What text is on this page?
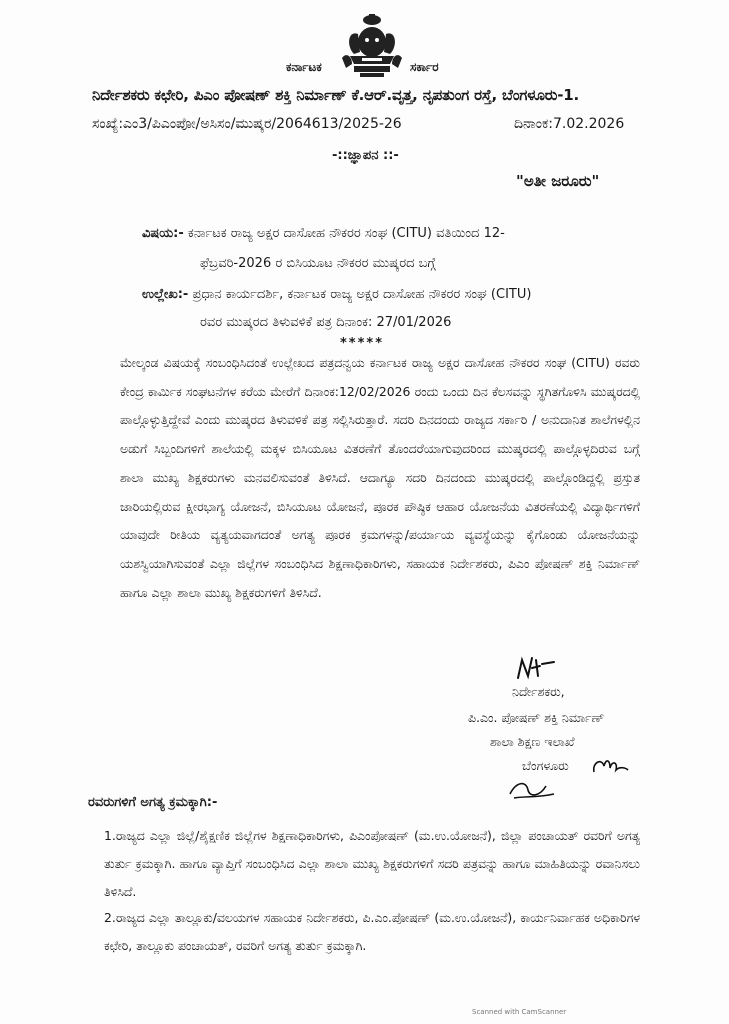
ಕರ್ನಾಟಕ	ಸರ್ಕಾರ
ನಿರ್ದೇಶಕರು ಕಛೇರಿ, ಪಿಎಂ ಪೋಷಣ್ ಶಕ್ತಿ ನಿರ್ಮಾಣ್ ಕೆ.ಆರ್.ವೃತ್ತ, ನೃಪತುಂಗ ರಸ್ತೆ, ಬೆಂಗಳೂರು-1.
ಸಂಖ್ಯೆ:ಎಂ3/ಪಿಎಂಪೋ/ಅಸಿಸಂ/ಮುಷ್ಕರ/2064613/2025-26	ದಿನಾಂಕ:7.02.2026
-::ಜ್ಞಾಪನ ::-
"ಅತೀ ಜರೂರು"
ವಿಷಯ:- ಕರ್ನಾಟಕ ರಾಜ್ಯ ಅಕ್ಷರ ದಾಸೋಹ ನೌಕರರ ಸಂಘ (CITU) ವತಿಯಿಂದ 12-
ಫೆಬ್ರವರಿ-2026 ರ ಬಿಸಿಯೂಟ ನೌಕರರ ಮುಷ್ಕರದ ಬಗ್ಗೆ
ಉಲ್ಲೇಖ:- ಪ್ರಧಾನ ಕಾರ್ಯದರ್ಶಿ, ಕರ್ನಾಟಕ ರಾಜ್ಯ ಅಕ್ಷರ ದಾಸೋಹ ನೌಕರರ ಸಂಘ (CITU)
ರವರ ಮುಷ್ಕರದ ತಿಳುವಳಿಕೆ ಪತ್ರ ದಿನಾಂಕ: 27/01/2026
*****
ಮೇಲ್ಕಂಡ ವಿಷಯಕ್ಕೆ ಸಂಬಂಧಿಸಿದಂತೆ ಉಲ್ಲೇಖದ ಪತ್ರದನ್ವಯ ಕರ್ನಾಟಕ ರಾಜ್ಯ ಅಕ್ಷರ ದಾಸೋಹ ನೌಕರರ ಸಂಘ (CITU) ರವರು ಕೇಂದ್ರ ಕಾರ್ಮಿಕ ಸಂಘಟನೆಗಳ ಕರೆಯ ಮೇರೆಗೆ ದಿನಾಂಕ:12/02/2026 ರಂದು ಒಂದು ದಿನ ಕೆಲಸವನ್ನು ಸ್ಥಗಿತಗೊಳಿಸಿ ಮುಷ್ಕರದಲ್ಲಿ ಪಾಲ್ಗೊಳ್ಳುತ್ತಿದ್ದೇವೆ ಎಂದು ಮುಷ್ಕರದ ತಿಳುವಳಿಕೆ ಪತ್ರ ಸಲ್ಲಿಸಿರುತ್ತಾರೆ. ಸದರಿ ದಿನದಂದು ರಾಜ್ಯದ ಸರ್ಕಾರಿ / ಅನುದಾನಿತ ಶಾಲೆಗಳಲ್ಲಿನ ಅಡುಗೆ ಸಿಬ್ಬಂದಿಗಳಿಗೆ ಶಾಲೆಯಲ್ಲಿ ಮಕ್ಕಳ ಬಿಸಿಯೂಟ ವಿತರಣೆಗೆ ತೊಂದರೆಯಾಗುವುದರಿಂದ ಮುಷ್ಕರದಲ್ಲಿ ಪಾಲ್ಗೊಳ್ಳದಿರುವ ಬಗ್ಗೆ ಶಾಲಾ ಮುಖ್ಯ ಶಿಕ್ಷಕರುಗಳು ಮನವಲಿಸುವಂತೆ ತಿಳಿಸಿದೆ. ಆದಾಗ್ಯೂ ಸದರಿ ದಿನದಂದು ಮುಷ್ಕರದಲ್ಲಿ ಪಾಲ್ಗೊಂಡಿದ್ದಲ್ಲಿ ಪ್ರಸ್ತುತ ಜಾರಿಯಲ್ಲಿರುವ ಕ್ಷೀರಭಾಗ್ಯ ಯೋಜನೆ, ಬಿಸಿಯೂಟ ಯೋಜನೆ, ಪೂರಕ ಪೌಷ್ಠಿಕ ಆಹಾರ ಯೋಜನೆಯ ವಿತರಣೆಯಲ್ಲಿ ವಿದ್ಯಾರ್ಥಿಗಳಿಗೆ ಯಾವುದೇ ರೀತಿಯ ವ್ಯತ್ಯಯವಾಗದಂತೆ ಅಗತ್ಯ ಪೂರಕ ಕ್ರಮಗಳನ್ನು/ಪರ್ಯಾಯ ವ್ಯವಸ್ಥೆಯನ್ನು ಕೈಗೊಂಡು ಯೋಜನೆಯನ್ನು ಯಶಸ್ವಿಯಾಗಿಸುವಂತೆ ಎಲ್ಲಾ ಜಿಲ್ಲೆಗಳ ಸಂಬಂಧಿಸಿದ ಶಿಕ್ಷಣಾಧಿಕಾರಿಗಳು, ಸಹಾಯಕ ನಿರ್ದೇಶಕರು, ಪಿಎಂ ಪೋಷಣ್ ಶಕ್ತಿ ನಿರ್ಮಾಣ್ ಹಾಗೂ ಎಲ್ಲಾ ಶಾಲಾ ಮುಖ್ಯ ಶಿಕ್ಷಕರುಗಳಿಗೆ ತಿಳಿಸಿದೆ.
ನಿರ್ದೇಶಕರು,
ಪಿ.ಎಂ. ಪೋಷಣ್ ಶಕ್ತಿ ನಿರ್ಮಾಣ್
ಶಾಲಾ ಶಿಕ್ಷಣ ಇಲಾಖೆ
ಬೆಂಗಳೂರು
ರವರುಗಳಿಗೆ ಅಗತ್ಯ ಕ್ರಮಕ್ಕಾಗಿ:-
1.ರಾಜ್ಯದ ಎಲ್ಲಾ ಜಿಲ್ಲೆ/ಶೈಕ್ಷಣಿಕ ಜಿಲ್ಲೆಗಳ ಶಿಕ್ಷಣಾಧಿಕಾರಿಗಳು, ಪಿಎಂಪೋಷಣ್ (ಮ.ಉ.ಯೋಜನೆ), ಜಿಲ್ಲಾ ಪಂಚಾಯತ್ ರವರಿಗೆ ಅಗತ್ಯ ತುರ್ತು ಕ್ರಮಕ್ಕಾಗಿ. ಹಾಗೂ ವ್ಯಾಪ್ತಿಗೆ ಸಂಬಂಧಿಸಿದ ಎಲ್ಲಾ ಶಾಲಾ ಮುಖ್ಯ ಶಿಕ್ಷಕರುಗಳಿಗೆ ಸದರಿ ಪತ್ರವನ್ನು ಹಾಗೂ ಮಾಹಿತಿಯನ್ನು ರವಾನಿಸಲು ತಿಳಿಸಿದೆ.
2.ರಾಜ್ಯದ ಎಲ್ಲಾ ತಾಲ್ಲೂಕು/ವಲಯಗಳ ಸಹಾಯಕ ನಿರ್ದೇಶಕರು, ಪಿ.ಎಂ.ಪೋಷಣ್ (ಮ.ಉ.ಯೋಜನೆ), ಕಾರ್ಯನಿರ್ವಾಹಕ ಅಧಿಕಾರಿಗಳ ಕಛೇರಿ, ತಾಲ್ಲೂಕು ಪಂಚಾಯತ್, ರವರಿಗೆ ಅಗತ್ಯ ತುರ್ತು ಕ್ರಮಕ್ಕಾಗಿ.
Scanned with CamScanner
